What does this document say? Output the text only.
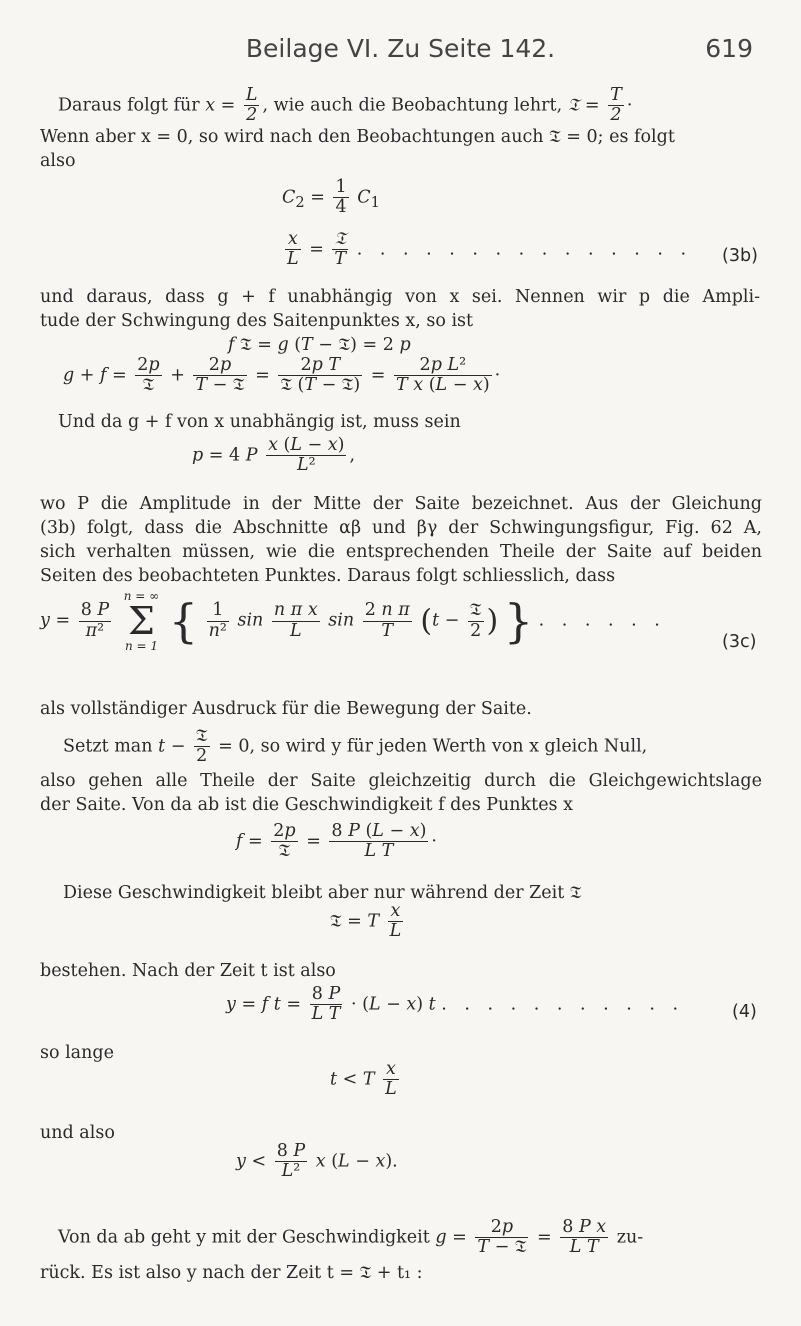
Beilage VI. Zu Seite 142.	619
Daraus folgt für $x = \frac{L}{2}$ , wie auch die Beobachtung lehrt, 𝔗 = $\frac{T}{2}$ ·
Wenn aber x = 0, so wird nach den Beobachtungen auch 𝔗 = 0; es folgt
also
$C_2 = \frac{1}{4} C_1$
$\frac{x}{L}$ =
𝔗
T . . . . . . . . . . . . . . . (3b)
und daraus, dass g + f unabhängig von x sei. Nennen wir p die Ampli-
tude der Schwingung des Saitenpunktes x, so ist
f 𝔗 = g (T − 𝔗) = 2 p
g + f =
2p
𝔗 +
2p
T − 𝔗 =
2p T
𝔗 (T − 𝔗) = $\frac{\text{2p L²}}{\text{T x (L − x)}}$ ·
Und da g + f von x unabhängig ist, muss sein
p = 4 P $\frac{x (L - x)}{\text{L²}}$ ,
wo P die Amplitude in der Mitte der Saite bezeichnet. Aus der Gleichung
(3b) folgt, dass die Abschnitte αβ und βγ der Schwingungsfigur, Fig. 62 A,
sich verhalten müssen, wie die entsprechenden Theile der Saite auf beiden
Seiten des beobachteten Punktes. Daraus folgt schliesslich, dass
$y = \frac{8 P}{\text{π²}}$

n = ∞
Σ
n = 1 { $\frac{1}{\text{n²}}$ $\sin \frac{\text{n π x}}{L}$ $\sin \frac{\text{2 n π}}{T} (t$ −
𝔗
2 ) } . . . . . .
(3c)
als vollständiger Ausdruck für die Bewegung der Saite.
Setzt man t −
𝔗
2 = 0, so wird y für jeden Werth von x gleich Null,
also gehen alle Theile der Saite gleichzeitig durch die Gleichgewichtslage
der Saite. Von da ab ist die Geschwindigkeit f des Punktes x
f =
2p
𝔗 = $\frac{8 P (L - x)}{\text{L T}}$ ·
Diese Geschwindigkeit bleibt aber nur während der Zeit 𝔗
𝔗 = T $\frac{x}{L}$
bestehen. Nach der Zeit t ist also
y = f $t = \frac{8 P}{\text{L T}} \cdot (L - x)$ t . . . . . . . . . . .	(4)
so lange
t < T $\frac{x}{L}$
und also
$y < \frac{8 P}{\text{L²}}$ x (L − x).
Von da ab geht y mit der Geschwindigkeit g =
2p
T − 𝔗 = $\frac{\text{8 P x}}{\text{L T}} zu-$
rück. Es ist also y nach der Zeit t = 𝔗 + t₁ :
